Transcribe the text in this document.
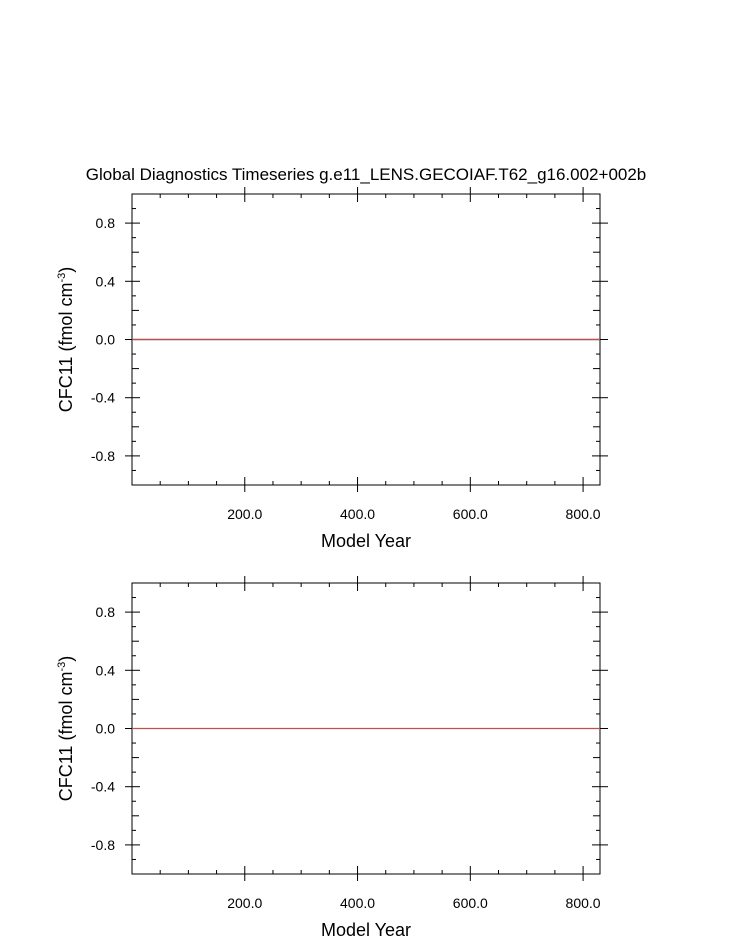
Global Diagnostics Timeseries g.e11_LENS.GECOIAF.T62_g16.002+002b
200.0	400.0	600.0	800.0
0.8
0.4
0.0
-0.4
-0.8
Model Year
CFC11 (fmol $cm^{-3}$)
200.0	400.0	600.0	800.0
0.8
0.4
0.0
-0.4
-0.8
Model Year
CFC11 (fmol $cm^{-3}$)
